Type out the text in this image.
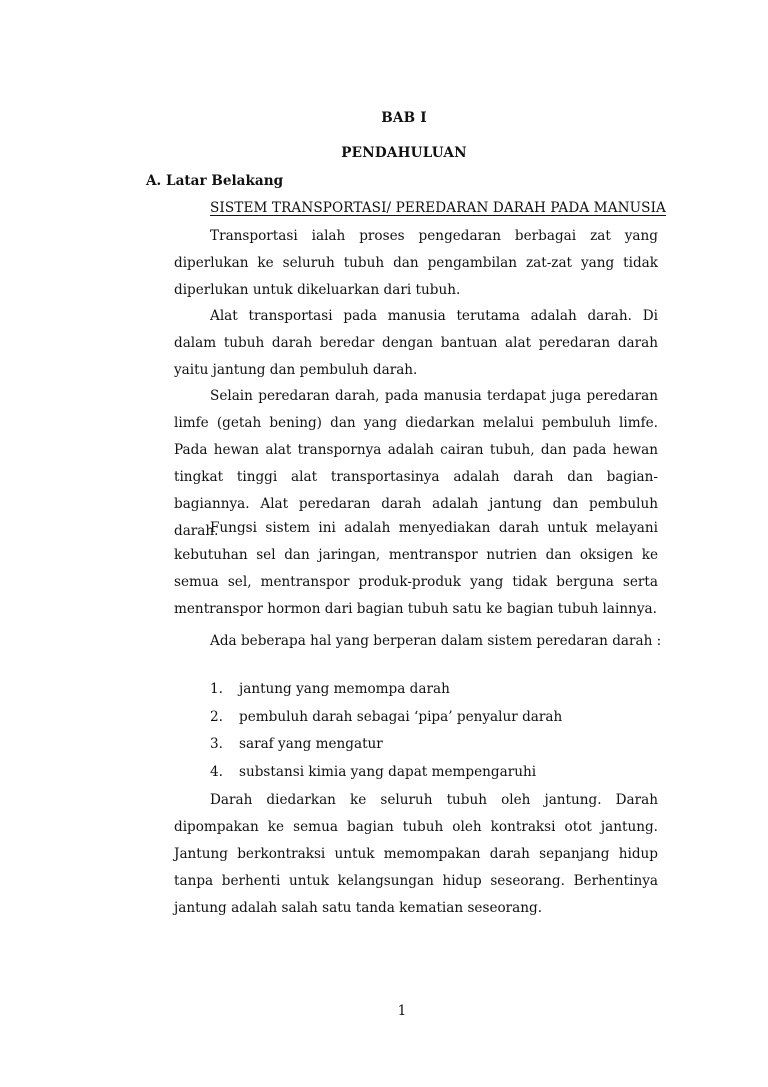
BAB I
PENDAHULUAN
A. Latar Belakang
SISTEM TRANSPORTASI/ PEREDARAN DARAH PADA MANUSIA

Transportasi ialah proses pengedaran berbagai zat yang diperlukan ke seluruh tubuh dan pengambilan zat-zat yang tidak diperlukan untuk dikeluarkan dari tubuh.

Alat transportasi pada manusia terutama adalah darah. Di dalam tubuh darah beredar dengan bantuan alat peredaran darah yaitu jantung dan pembuluh darah.

Selain peredaran darah, pada manusia terdapat juga peredaran limfe (getah bening) dan yang diedarkan melalui pembuluh limfe. Pada hewan alat transpornya adalah cairan tubuh, dan pada hewan tingkat tinggi alat transportasinya adalah darah dan bagian-bagiannya. Alat peredaran darah adalah jantung dan pembuluh darah.

Fungsi sistem ini adalah menyediakan darah untuk melayani kebutuhan sel dan jaringan, mentranspor nutrien dan oksigen ke semua sel, mentranspor produk-produk yang tidak berguna serta mentranspor hormon dari bagian tubuh satu ke bagian tubuh lainnya.

Ada beberapa hal yang berperan dalam sistem peredaran darah :
1. jantung yang memompa darah
2. pembuluh darah sebagai ‘pipa’ penyalur darah
3. saraf yang mengatur
4. substansi kimia yang dapat mempengaruhi

Darah diedarkan ke seluruh tubuh oleh jantung. Darah dipompakan ke semua bagian tubuh oleh kontraksi otot jantung. Jantung berkontraksi untuk memompakan darah sepanjang hidup tanpa berhenti untuk kelangsungan hidup seseorang. Berhentinya jantung adalah salah satu tanda kematian seseorang.

1
